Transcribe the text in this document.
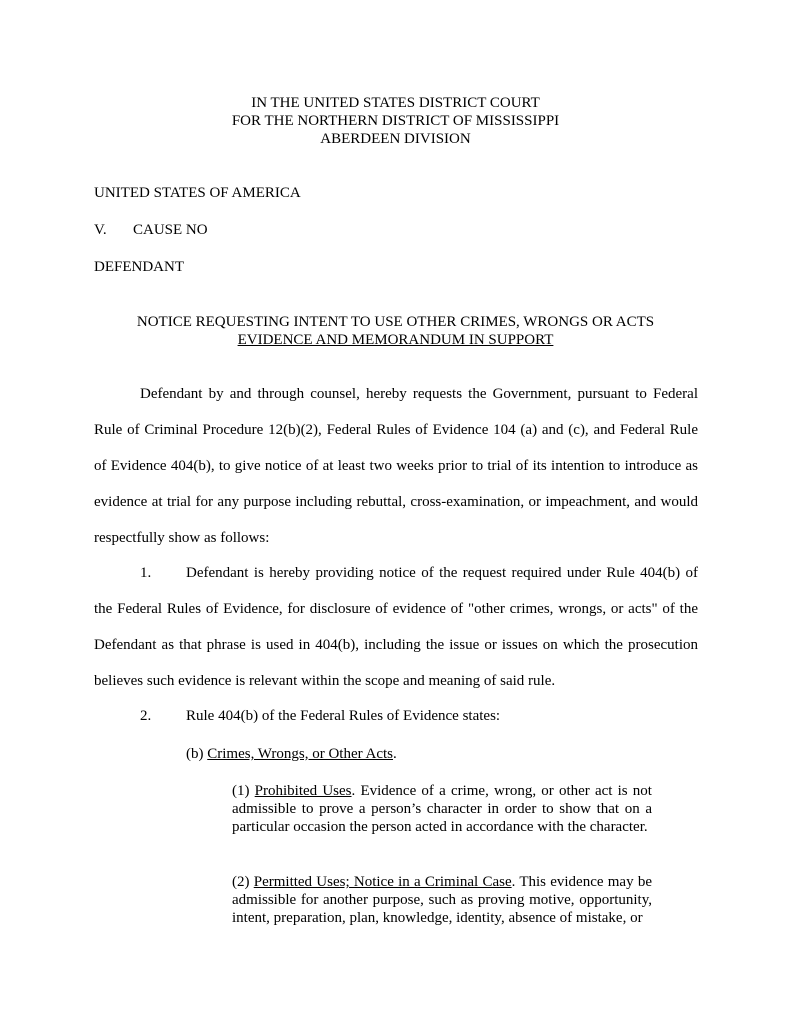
IN THE UNITED STATES DISTRICT COURT
FOR THE NORTHERN DISTRICT OF MISSISSIPPI
ABERDEEN DIVISION
UNITED STATES OF AMERICA
V. CAUSE NO
DEFENDANT
NOTICE REQUESTING INTENT TO USE OTHER CRIMES, WRONGS OR ACTS
EVIDENCE AND MEMORANDUM IN SUPPORT
Defendant by and through counsel, hereby requests the Government, pursuant to Federal Rule of Criminal Procedure 12(b)(2), Federal Rules of Evidence 104 (a) and (c), and Federal Rule of Evidence 404(b), to give notice of at least two weeks prior to trial of its intention to introduce as evidence at trial for any purpose including rebuttal, cross-examination, or impeachment, and would respectfully show as follows:
1. Defendant is hereby providing notice of the request required under Rule 404(b) of the Federal Rules of Evidence, for disclosure of evidence of "other crimes, wrongs, or acts" of the Defendant as that phrase is used in 404(b), including the issue or issues on which the prosecution believes such evidence is relevant within the scope and meaning of said rule.
2. Rule 404(b) of the Federal Rules of Evidence states:
(b) Crimes, Wrongs, or Other Acts.
(1) Prohibited Uses. Evidence of a crime, wrong, or other act is not admissible to prove a person’s character in order to show that on a particular occasion the person acted in accordance with the character.
(2) Permitted Uses; Notice in a Criminal Case. This evidence may be admissible for another purpose, such as proving motive, opportunity, intent, preparation, plan, knowledge, identity, absence of mistake, or
